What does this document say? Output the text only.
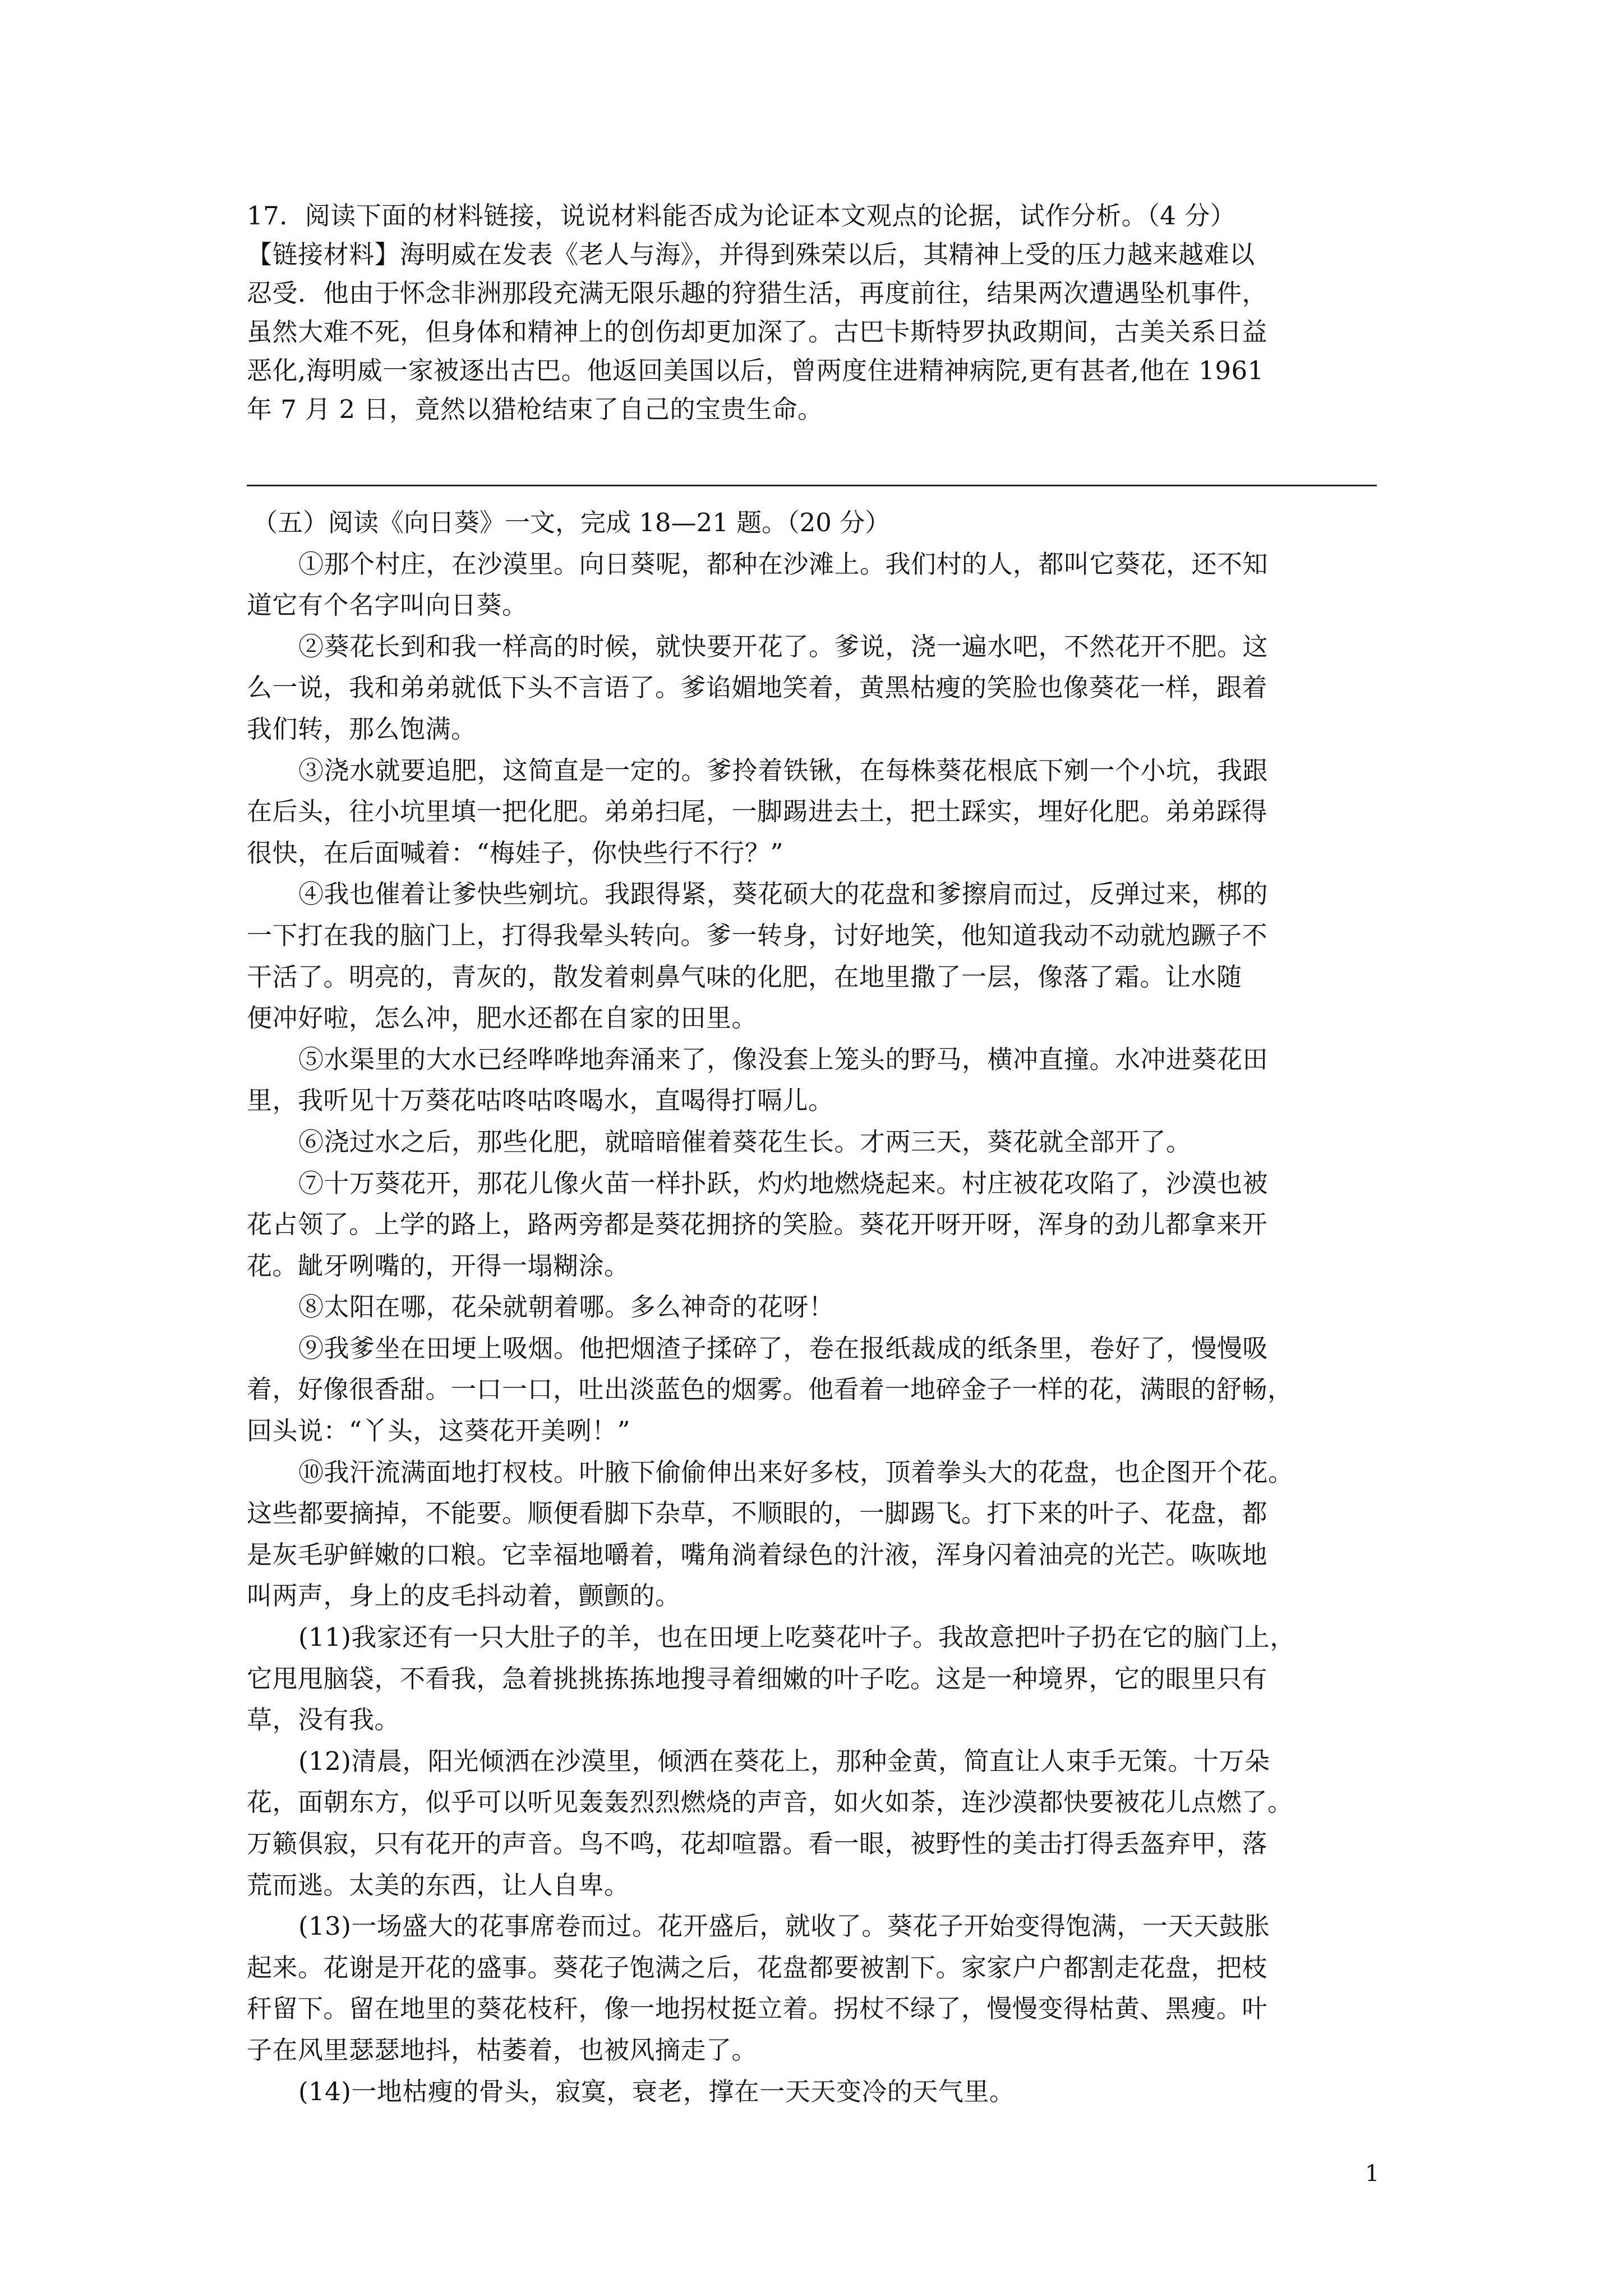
17．阅读下面的材料链接，说说材料能否成为论证本文观点的论据，试作分析。（4 分）
【链接材料】海明威在发表《老人与海》，并得到殊荣以后，其精神上受的压力越来越难以
忍受．他由于怀念非洲那段充满无限乐趣的狩猎生活，再度前往，结果两次遭遇坠机事件，
虽然大难不死，但身体和精神上的创伤却更加深了。古巴卡斯特罗执政期间，古美关系日益
恶化,海明威一家被逐出古巴。他返回美国以后，曾两度住进精神病院,更有甚者,他在 1961
年 7 月 2 日，竟然以猎枪结束了自己的宝贵生命。
（五）阅读《向日葵》一文，完成 18—21 题。（20 分）
①那个村庄，在沙漠里。向日葵呢，都种在沙滩上。我们村的人，都叫它葵花，还不知
道它有个名字叫向日葵。
②葵花长到和我一样高的时候，就快要开花了。爹说，浇一遍水吧，不然花开不肥。这
么一说，我和弟弟就低下头不言语了。爹谄媚地笑着，黄黑枯瘦的笑脸也像葵花一样，跟着
我们转，那么饱满。
③浇水就要追肥，这简直是一定的。爹拎着铁锹，在每株葵花根底下剜一个小坑，我跟
在后头，往小坑里填一把化肥。弟弟扫尾，一脚踢进去土，把土踩实，埋好化肥。弟弟踩得
很快，在后面喊着：“梅娃子，你快些行不行？”
④我也催着让爹快些剜坑。我跟得紧，葵花硕大的花盘和爹擦肩而过，反弹过来，梆的
一下打在我的脑门上，打得我晕头转向。爹一转身，讨好地笑，他知道我动不动就尥蹶子不
干活了。明亮的，青灰的，散发着刺鼻气味的化肥，在地里撒了一层，像落了霜。让水随
便冲好啦，怎么冲，肥水还都在自家的田里。
⑤水渠里的大水已经哗哗地奔涌来了，像没套上笼头的野马，横冲直撞。水冲进葵花田
里，我听见十万葵花咕咚咕咚喝水，直喝得打嗝儿。
⑥浇过水之后，那些化肥，就暗暗催着葵花生长。才两三天，葵花就全部开了。
⑦十万葵花开，那花儿像火苗一样扑跃，灼灼地燃烧起来。村庄被花攻陷了，沙漠也被
花占领了。上学的路上，路两旁都是葵花拥挤的笑脸。葵花开呀开呀，浑身的劲儿都拿来开
花。龇牙咧嘴的，开得一塌糊涂。
⑧太阳在哪，花朵就朝着哪。多么神奇的花呀！
⑨我爹坐在田埂上吸烟。他把烟渣子揉碎了，卷在报纸裁成的纸条里，卷好了，慢慢吸
着，好像很香甜。一口一口，吐出淡蓝色的烟雾。他看着一地碎金子一样的花，满眼的舒畅，
回头说：“丫头，这葵花开美咧！”
⑩我汗流满面地打杈枝。叶腋下偷偷伸出来好多枝，顶着拳头大的花盘，也企图开个花。
这些都要摘掉，不能要。顺便看脚下杂草，不顺眼的，一脚踢飞。打下来的叶子、花盘，都
是灰毛驴鲜嫩的口粮。它幸福地嚼着，嘴角淌着绿色的汁液，浑身闪着油亮的光芒。咴咴地
叫两声，身上的皮毛抖动着，颤颤的。
(11)我家还有一只大肚子的羊，也在田埂上吃葵花叶子。我故意把叶子扔在它的脑门上，
它甩甩脑袋，不看我，急着挑挑拣拣地搜寻着细嫩的叶子吃。这是一种境界，它的眼里只有
草，没有我。
(12)清晨，阳光倾洒在沙漠里，倾洒在葵花上，那种金黄，简直让人束手无策。十万朵
花，面朝东方，似乎可以听见轰轰烈烈燃烧的声音，如火如荼，连沙漠都快要被花儿点燃了。
万籁俱寂，只有花开的声音。鸟不鸣，花却喧嚣。看一眼，被野性的美击打得丢盔弃甲，落
荒而逃。太美的东西，让人自卑。
(13)一场盛大的花事席卷而过。花开盛后，就收了。葵花子开始变得饱满，一天天鼓胀
起来。花谢是开花的盛事。葵花子饱满之后，花盘都要被割下。家家户户都割走花盘，把枝
秆留下。留在地里的葵花枝秆，像一地拐杖挺立着。拐杖不绿了，慢慢变得枯黄、黑瘦。叶
子在风里瑟瑟地抖，枯萎着，也被风摘走了。
(14)一地枯瘦的骨头，寂寞，衰老，撑在一天天变冷的天气里。
1
